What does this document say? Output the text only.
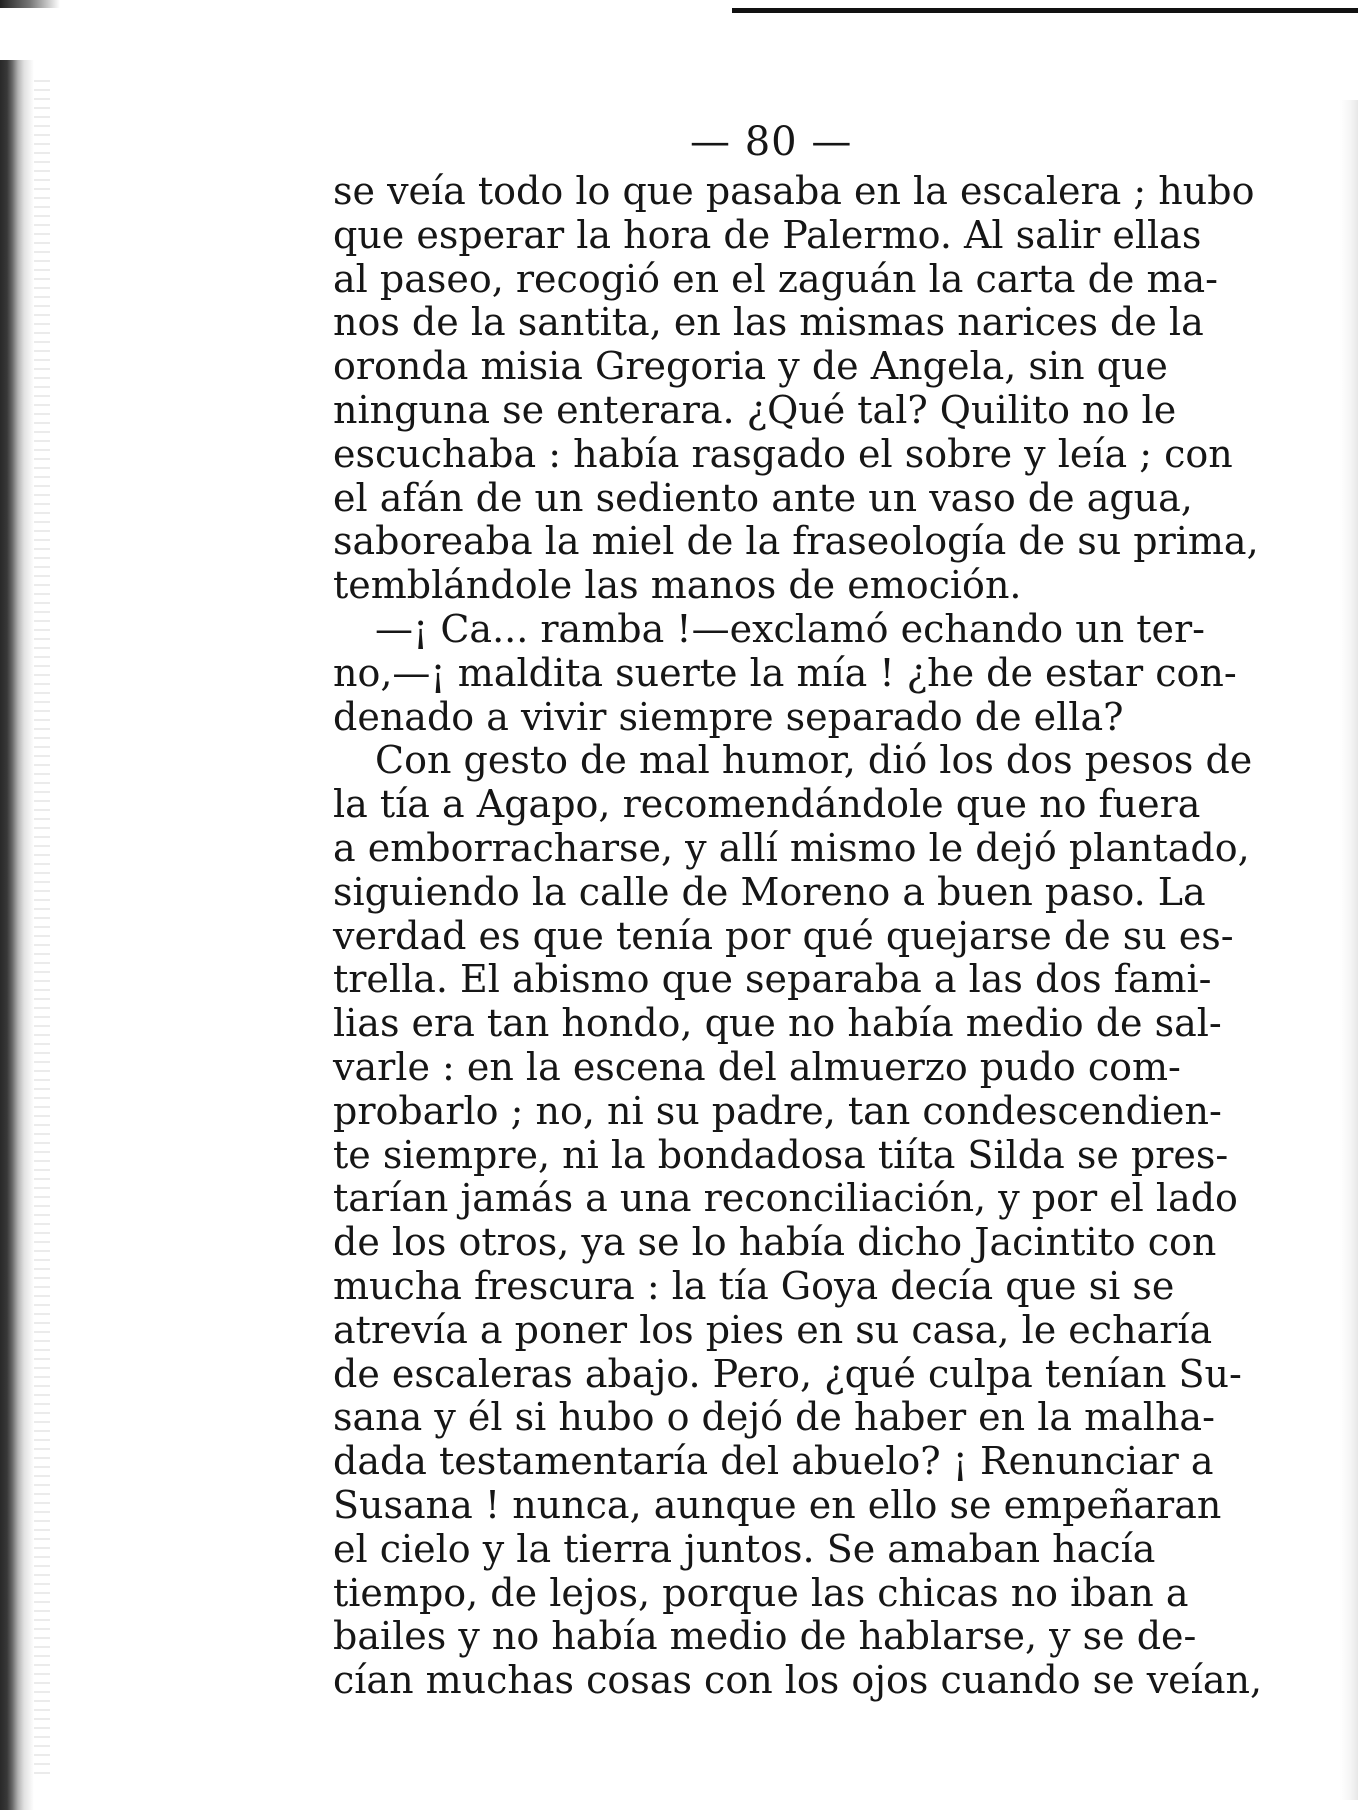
— 80 —
se veía todo lo que pasaba en la escalera ; hubo
que esperar la hora de Palermo. Al salir ellas
al paseo, recogió en el zaguán la carta de ma-
nos de la santita, en las mismas narices de la
oronda misia Gregoria y de Angela, sin que
ninguna se enterara. ¿Qué tal? Quilito no le
escuchaba : había rasgado el sobre y leía ; con
el afán de un sediento ante un vaso de agua,
saboreaba la miel de la fraseología de su prima,
temblándole las manos de emoción.
—¡ Ca... ramba !—exclamó echando un ter-
no,—¡ maldita suerte la mía ! ¿he de estar con-
denado a vivir siempre separado de ella?
Con gesto de mal humor, dió los dos pesos de
la tía a Agapo, recomendándole que no fuera
a emborracharse, y allí mismo le dejó plantado,
siguiendo la calle de Moreno a buen paso. La
verdad es que tenía por qué quejarse de su es-
trella. El abismo que separaba a las dos fami-
lias era tan hondo, que no había medio de sal-
varle : en la escena del almuerzo pudo com-
probarlo ; no, ni su padre, tan condescendien-
te siempre, ni la bondadosa tiíta Silda se pres-
tarían jamás a una reconciliación, y por el lado
de los otros, ya se lo había dicho Jacintito con
mucha frescura : la tía Goya decía que si se
atrevía a poner los pies en su casa, le echaría
de escaleras abajo. Pero, ¿qué culpa tenían Su-
sana y él si hubo o dejó de haber en la malha-
dada testamentaría del abuelo? ¡ Renunciar a
Susana ! nunca, aunque en ello se empeñaran
el cielo y la tierra juntos. Se amaban hacía
tiempo, de lejos, porque las chicas no iban a
bailes y no había medio de hablarse, y se de-
cían muchas cosas con los ojos cuando se veían,
